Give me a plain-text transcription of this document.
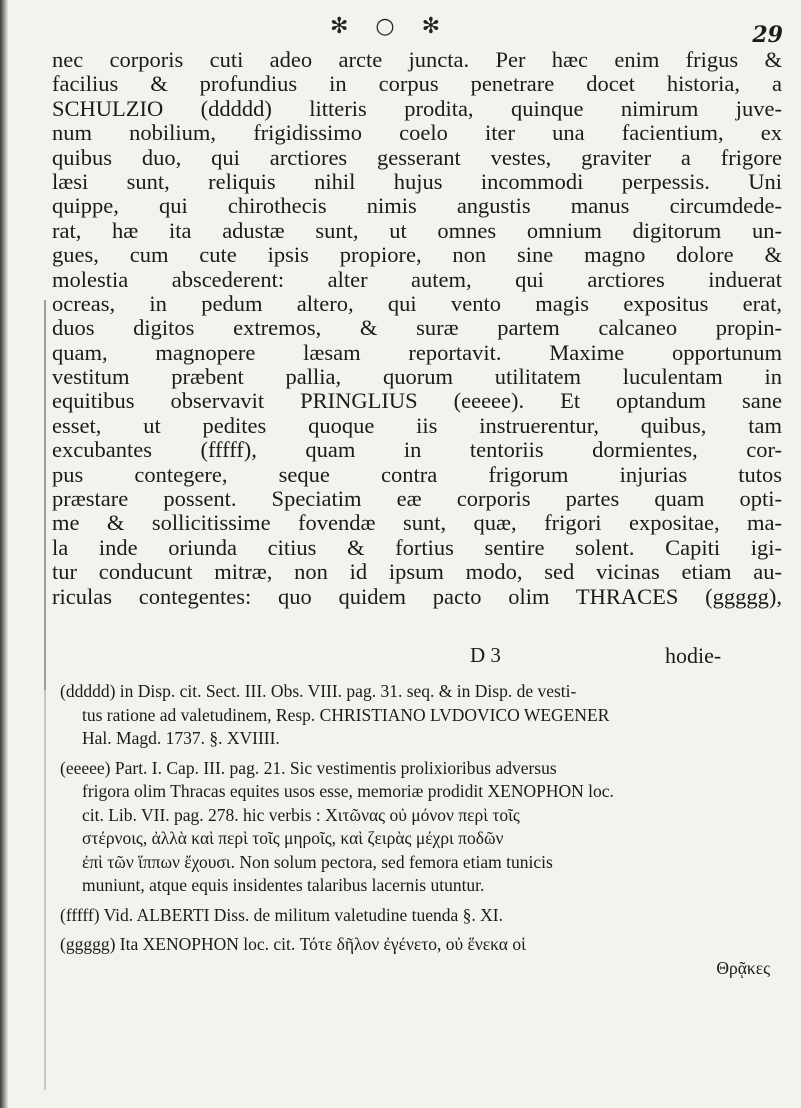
✻ ○ ✻	29
nec corporis cuti adeo arcte juncta. Per hæc enim frigus &
facilius & profundius in corpus penetrare docet historia, a
SCHULZIO (ddddd) litteris prodita, quinque nimirum juve-
num nobilium, frigidissimo coelo iter una facientium, ex
quibus duo, qui arctiores gesserant vestes, graviter a frigore
læsi sunt, reliquis nihil hujus incommodi perpessis. Uni
quippe, qui chirothecis nimis angustis manus circumdede-
rat, hæ ita adustæ sunt, ut omnes omnium digitorum un-
gues, cum cute ipsis propiore, non sine magno dolore &
molestia abscederent: alter autem, qui arctiores induerat
ocreas, in pedum altero, qui vento magis expositus erat,
duos digitos extremos, & suræ partem calcaneo propin-
quam, magnopere læsam reportavit. Maxime opportunum
vestitum præbent pallia, quorum utilitatem luculentam in
equitibus observavit PRINGLIUS (eeeee). Et optandum sane
esset, ut pedites quoque iis instruerentur, quibus, tam
excubantes (fffff), quam in tentoriis dormientes, cor-
pus contegere, seque contra frigorum injurias tutos
præstare possent. Speciatim eæ corporis partes quam opti-
me & sollicitissime fovendæ sunt, quæ, frigori expositae, ma-
la inde oriunda citius & fortius sentire solent. Capiti igi-
tur conducunt mitræ, non id ipsum modo, sed vicinas etiam au-
riculas contegentes: quo quidem pacto olim THRACES (ggggg),
D 3	hodie-
(ddddd) in Disp. cit. Sect. III. Obs. VIII. pag. 31. seq. & in Disp. de vesti-
tus ratione ad valetudinem, Resp. CHRISTIANO LVDOVICO WEGENER
Hal. Magd. 1737. §. XVIIII.
(eeeee) Part. I. Cap. III. pag. 21. Sic vestimentis prolixioribus adversus
frigora olim Thracas equites usos esse, memoriæ prodidit XENOPHON loc.
cit. Lib. VII. pag. 278. hic verbis : Χιτῶνας οὐ μόνον περὶ τοῖς
στέρνοις, ἀλλὰ καὶ περὶ τοῖς μηροῖς, καὶ ζειρὰς μέχρι ποδῶν
ἐπὶ τῶν ἵππων ἔχουσι. Non solum pectora, sed femora etiam tunicis
muniunt, atque equis insidentes talaribus lacernis utuntur.
(fffff) Vid. ALBERTI Diss. de militum valetudine tuenda §. XI.
(ggggg) Ita XENOPHON loc. cit. Τότε δῆλον ἐγένετο, οὐ ἕνεκα οἱ
Θρᾷκες
